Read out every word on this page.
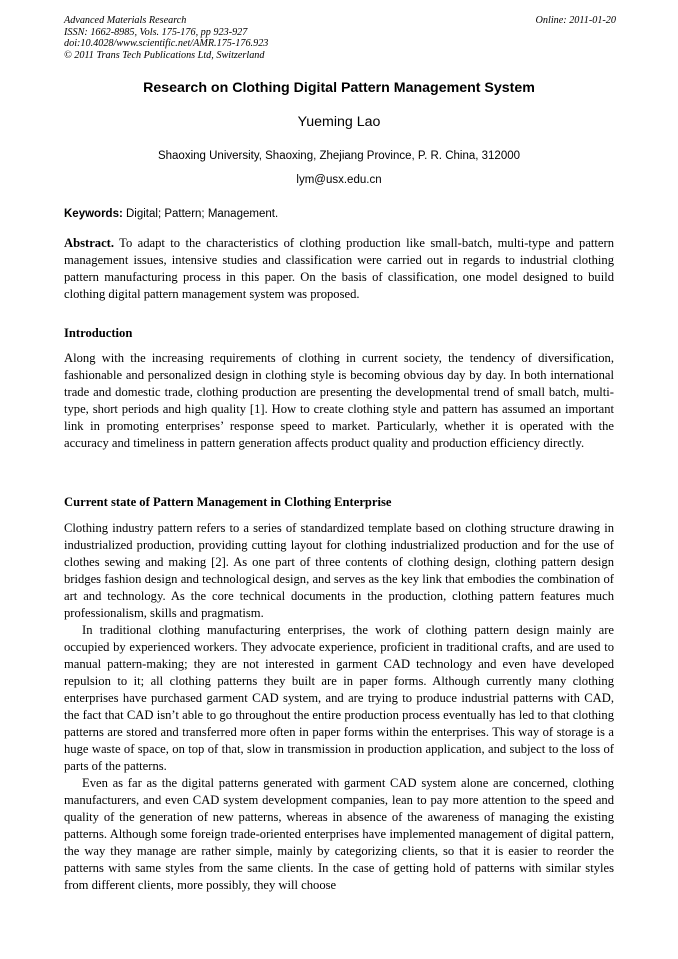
Advanced Materials Research
ISSN: 1662-8985, Vols. 175-176, pp 923-927
doi:10.4028/www.scientific.net/AMR.175-176.923
© 2011 Trans Tech Publications Ltd, Switzerland
Online: 2011-01-20
Research on Clothing Digital Pattern Management System
Yueming Lao
Shaoxing University, Shaoxing, Zhejiang Province, P. R. China, 312000
lym@usx.edu.cn
Keywords: Digital; Pattern; Management.

Abstract. To adapt to the characteristics of clothing production like small-batch, multi-type and pattern management issues, intensive studies and classification were carried out in regards to industrial clothing pattern manufacturing process in this paper. On the basis of classification, one model designed to build clothing digital pattern management system was proposed.

Introduction

Along with the increasing requirements of clothing in current society, the tendency of diversification, fashionable and personalized design in clothing style is becoming obvious day by day. In both international trade and domestic trade, clothing production are presenting the developmental trend of small batch, multi-type, short periods and high quality [1]. How to create clothing style and pattern has assumed an important link in promoting enterprises’ response speed to market. Particularly, whether it is operated with the accuracy and timeliness in pattern generation affects product quality and production efficiency directly.

Current state of Pattern Management in Clothing Enterprise

Clothing industry pattern refers to a series of standardized template based on clothing structure drawing in industrialized production, providing cutting layout for clothing industrialized production and for the use of clothes sewing and making [2]. As one part of three contents of clothing design, clothing pattern design bridges fashion design and technological design, and serves as the key link that embodies the combination of art and technology. As the core technical documents in the production, clothing pattern features much professionalism, skills and pragmatism.

In traditional clothing manufacturing enterprises, the work of clothing pattern design mainly are occupied by experienced workers. They advocate experience, proficient in traditional crafts, and are used to manual pattern-making; they are not interested in garment CAD technology and even have developed repulsion to it; all clothing patterns they built are in paper forms. Although currently many clothing enterprises have purchased garment CAD system, and are trying to produce industrial patterns with CAD, the fact that CAD isn’t able to go throughout the entire production process eventually has led to that clothing patterns are stored and transferred more often in paper forms within the enterprises. This way of storage is a huge waste of space, on top of that, slow in transmission in production application, and subject to the loss of parts of the patterns.

Even as far as the digital patterns generated with garment CAD system alone are concerned, clothing manufacturers, and even CAD system development companies, lean to pay more attention to the speed and quality of the generation of new patterns, whereas in absence of the awareness of managing the existing patterns. Although some foreign trade-oriented enterprises have implemented management of digital pattern, the way they manage are rather simple, mainly by categorizing clients, so that it is easier to reorder the patterns with same styles from the same clients. In the case of getting hold of patterns with similar styles from different clients, more possibly, they will choose
